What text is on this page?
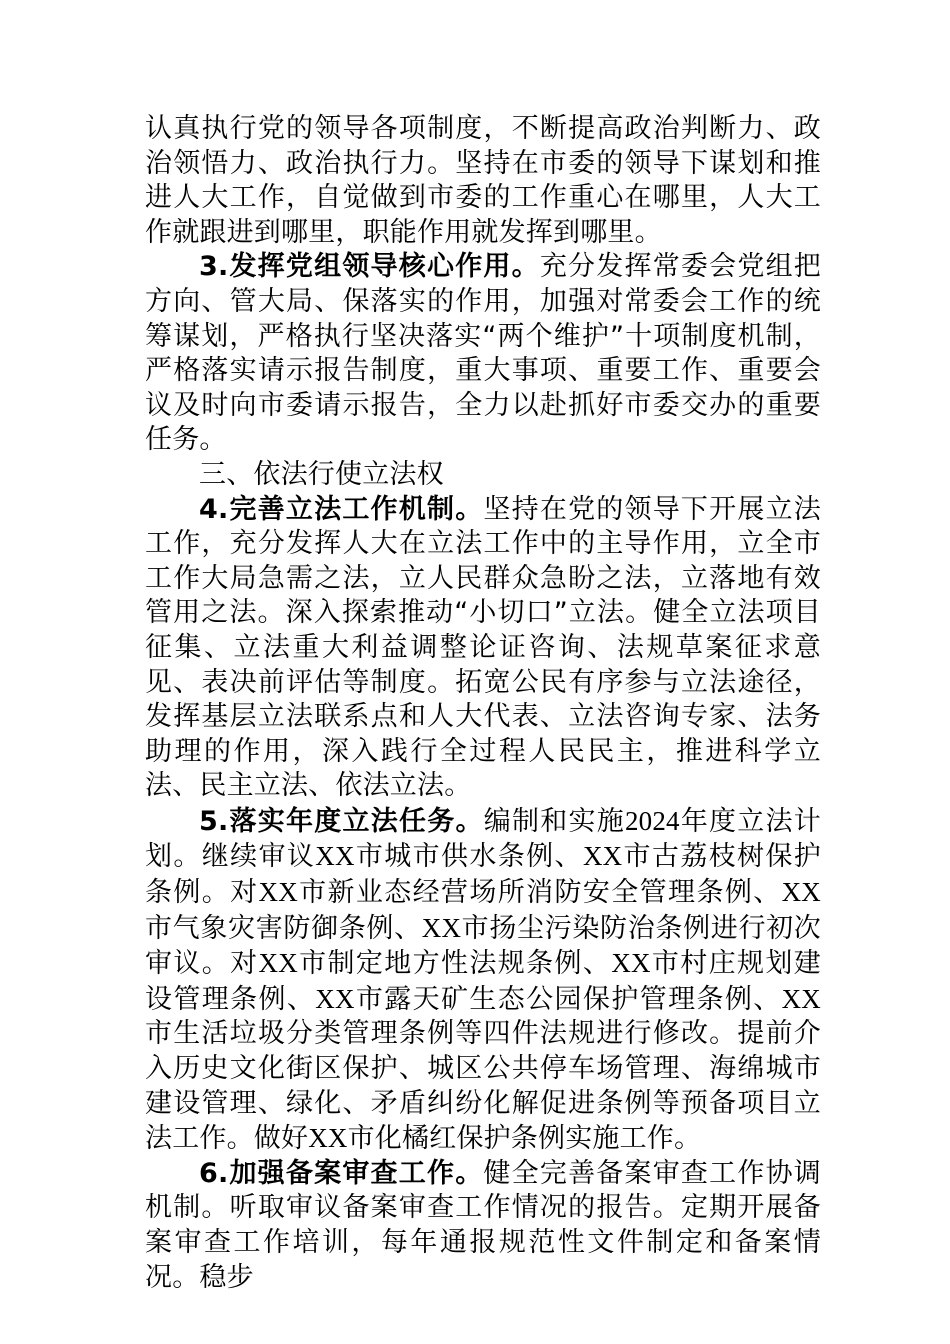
认真执行党的领导各项制度，不断提高政治判断力、政治领悟力、政治执行力。坚持在市委的领导下谋划和推进人大工作，自觉做到市委的工作重心在哪里，人大工作就跟进到哪里，职能作用就发挥到哪里。

3.发挥党组领导核心作用。充分发挥常委会党组把方向、管大局、保落实的作用，加强对常委会工作的统筹谋划，严格执行坚决落实“两个维护”十项制度机制，严格落实请示报告制度，重大事项、重要工作、重要会议及时向市委请示报告，全力以赴抓好市委交办的重要任务。

三、依法行使立法权

4.完善立法工作机制。坚持在党的领导下开展立法工作，充分发挥人大在立法工作中的主导作用，立全市工作大局急需之法，立人民群众急盼之法，立落地有效管用之法。深入探索推动“小切口”立法。健全立法项目征集、立法重大利益调整论证咨询、法规草案征求意见、表决前评估等制度。拓宽公民有序参与立法途径，发挥基层立法联系点和人大代表、立法咨询专家、法务助理的作用，深入践行全过程人民民主，推进科学立法、民主立法、依法立法。

5.落实年度立法任务。编制和实施2024年度立法计划。继续审议XX市城市供水条例、XX市古荔枝树保护条例。对XX市新业态经营场所消防安全管理条例、XX市气象灾害防御条例、XX市扬尘污染防治条例进行初次审议。对XX市制定地方性法规条例、XX市村庄规划建设管理条例、XX市露天矿生态公园保护管理条例、XX市生活垃圾分类管理条例等四件法规进行修改。提前介入历史文化街区保护、城区公共停车场管理、海绵城市建设管理、绿化、矛盾纠纷化解促进条例等预备项目立法工作。做好XX市化橘红保护条例实施工作。

6.加强备案审查工作。健全完善备案审查工作协调机制。听取审议备案审查工作情况的报告。定期开展备案审查工作培训，每年通报规范性文件制定和备案情况。稳步
